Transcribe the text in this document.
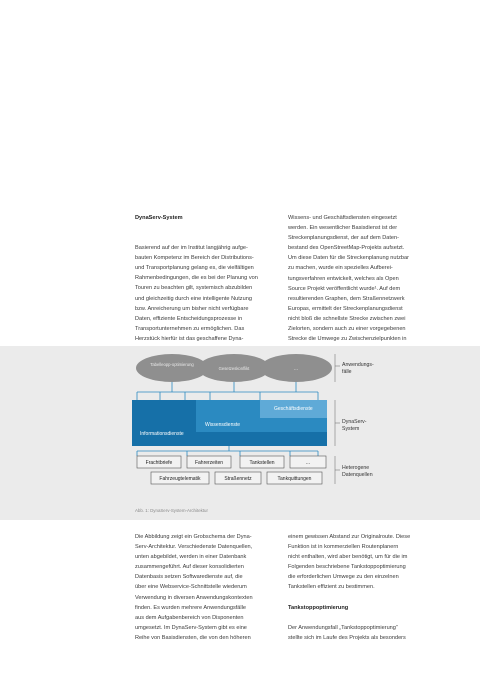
DynaServ-System

Basierend auf der im Institut langjährig aufge-

bauten Kompetenz im Bereich der Distributions-

und Transportplanung gelang es, die vielfältigen

Rahmenbedingungen, die es bei der Planung von

Touren zu beachten gilt, systemisch abzubilden

und gleichzeitig durch eine intelligente Nutzung

bzw. Anreicherung um bisher nicht verfügbare

Daten, effiziente Entscheidungsprozesse in

Transportunternehmen zu ermöglichen. Das

Herzstück hierfür ist das geschaffene Dyna-

Wissens- und Geschäftsdiensten eingesetzt

werden. Ein wesentlicher Basisdienst ist der

Streckenplanungsdienst, der auf dem Daten-

bestand des OpenStreetMap-Projekts aufsetzt.

Um diese Daten für die Streckenplanung nutzbar

zu machen, wurde ein spezielles Aufberei-

tungsverfahren entwickelt, welches als Open

Source Projekt veröffentlicht wurde¹. Auf dem

resultierenden Graphen, dem Straßennetzwerk

Europas, ermittelt der Streckenplanungsdienst

nicht bloß die schnellste Strecke zwischen zwei

Zielorten, sondern auch zu einer vorgegebenen

Strecke die Umwege zu Zwischenzielpunkten in

Tabelleopp-optimierung
Gesetzeskonflikt	...
Anwendungs-
fälle
Informationsdienste
Wissensdienste
Geschäftsdienste
DynaServ-
System
Frachtbriefe	Fahrerzeiten	Tankstellen	...
Fahrzeugtelematik	Straßennetz	Tankquittungen
Heterogene
Datenquellen
Abb. 1: DynaServ-System-Architektur

Die Abbildung zeigt ein Grobschema der Dyna-

Serv-Architektur. Verschiedenste Datenquellen,

unten abgebildet, werden in einer Datenbank

zusammengeführt. Auf dieser konsolidierten

Datenbasis setzen Softwaredienste auf, die

über eine Webservice-Schnittstelle wiederum

Verwendung in diversen Anwendungskontexten

finden. Es wurden mehrere Anwendungsfälle

aus dem Aufgabenbereich von Disponenten

umgesetzt. Im DynaServ-System gibt es eine

Reihe von Basisdiensten, die von den höheren

einem gewissen Abstand zur Originalroute. Diese

Funktion ist in kommerziellen Routenplanern

nicht enthalten, wird aber benötigt, um für die im

Folgenden beschriebene Tankstoppoptimierung

die erforderlichen Umwege zu den einzelnen

Tankstellen effizient zu bestimmen.

Tankstoppoptimierung

Der Anwendungsfall „Tankstoppoptimierung“

stellte sich im Laufe des Projekts als besonders
